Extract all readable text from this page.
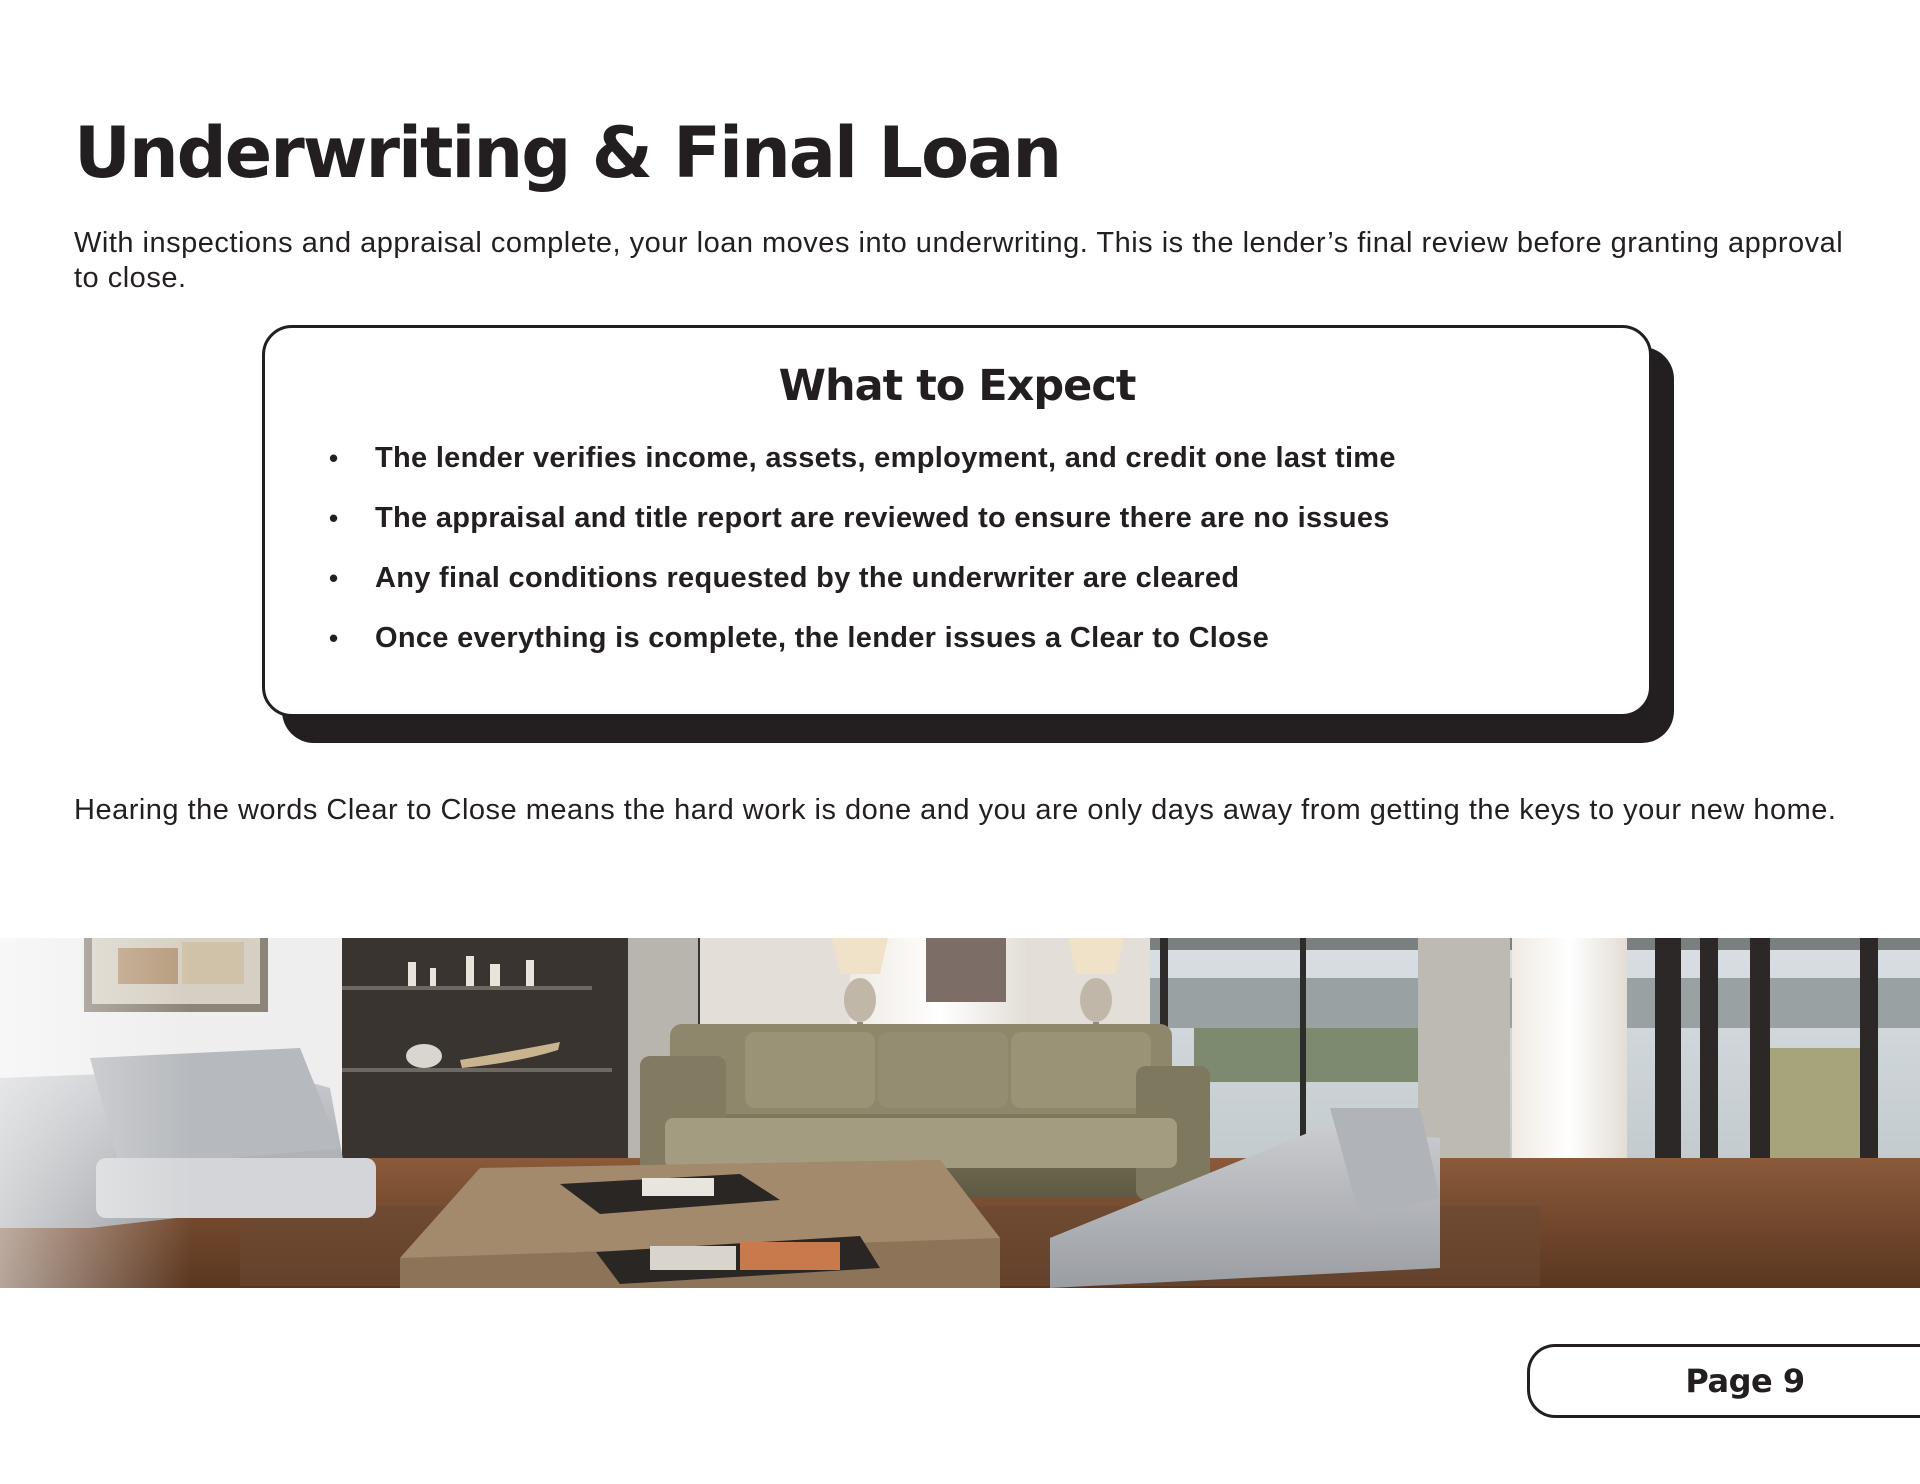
Underwriting & Final Loan

With inspections and appraisal complete, your loan moves into underwriting. This is the lender’s final review before granting approval to close.

What to Expect
• The lender verifies income, assets, employment, and credit one last time
• The appraisal and title report are reviewed to ensure there are no issues
• Any final conditions requested by the underwriter are cleared
• Once everything is complete, the lender issues a Clear to Close

Hearing the words Clear to Close means the hard work is done and you are only days away from getting the keys to your new home.

Page 9
